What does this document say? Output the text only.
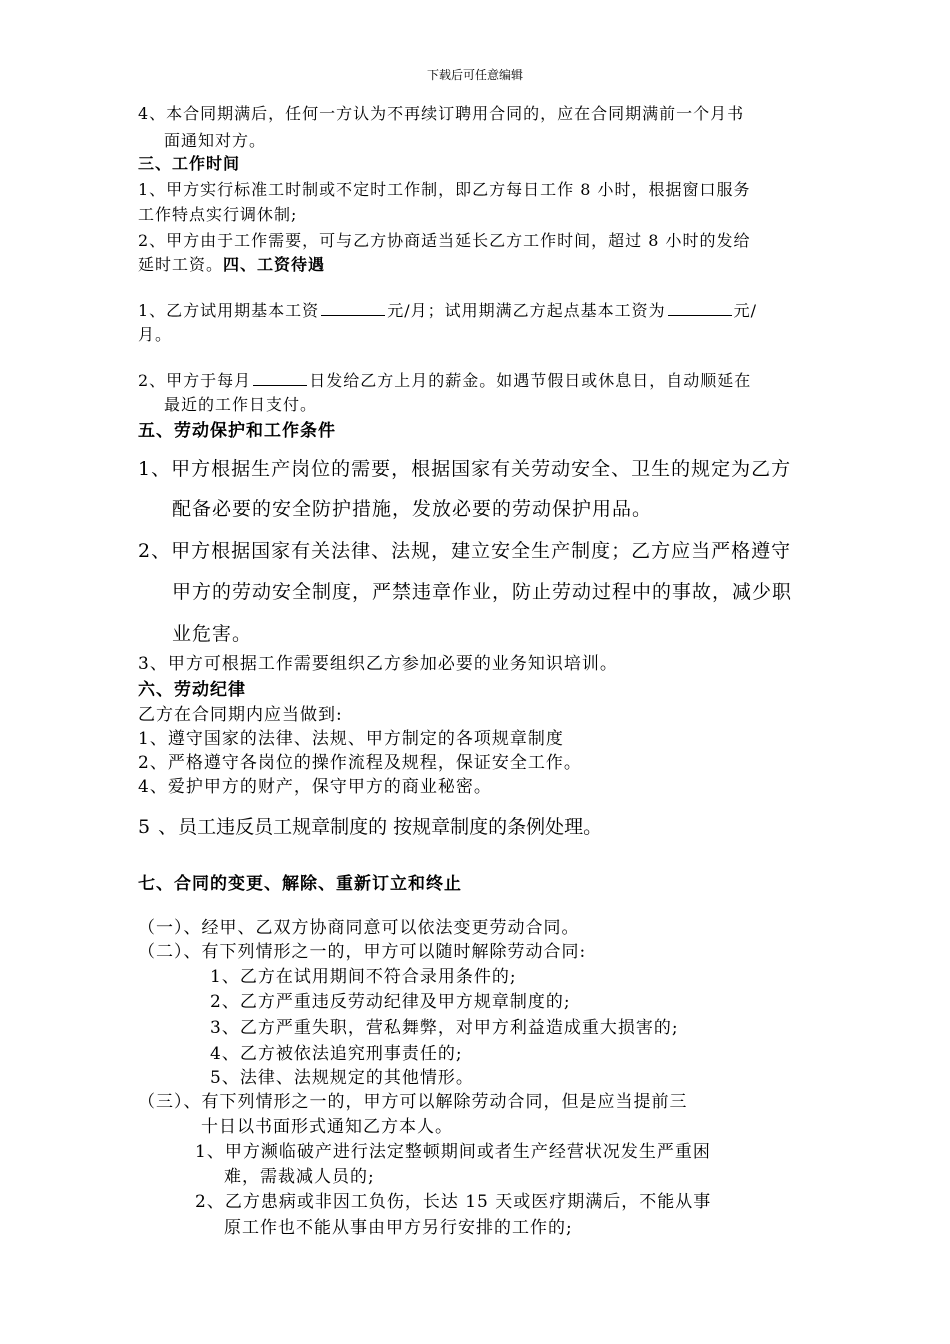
下载后可任意编辑
4、本合同期满后，任何一方认为不再续订聘用合同的，应在合同期满前一个月书
面通知对方。
三、工作时间
1、甲方实行标准工时制或不定时工作制，即乙方每日工作 8 小时，根据窗口服务
工作特点实行调休制;
2、甲方由于工作需要，可与乙方协商适当延长乙方工作时间，超过 8 小时的发给
延时工资。四、工资待遇
1、乙方试用期基本工资	元/月；试用期满乙方起点基本工资为	元/
月。
2、甲方于每月	日发给乙方上月的薪金。如遇节假日或休息日，自动顺延在
最近的工作日支付。
五、劳动保护和工作条件
1、甲方根据生产岗位的需要，根据国家有关劳动安全、卫生的规定为乙方
配备必要的安全防护措施，发放必要的劳动保护用品。
2、甲方根据国家有关法律、法规，建立安全生产制度；乙方应当严格遵守
甲方的劳动安全制度，严禁违章作业，防止劳动过程中的事故，减少职
业危害。
3、甲方可根据工作需要组织乙方参加必要的业务知识培训。
六、劳动纪律
乙方在合同期内应当做到:
1、遵守国家的法律、法规、甲方制定的各项规章制度
2、严格遵守各岗位的操作流程及规程，保证安全工作。
4、爱护甲方的财产，保守甲方的商业秘密。
5 、员工违反员工规章制度的 按规章制度的条例处理。
七、合同的变更、解除、重新订立和终止
（一）、经甲、乙双方协商同意可以依法变更劳动合同。
（二）、有下列情形之一的，甲方可以随时解除劳动合同:
1、乙方在试用期间不符合录用条件的;
2、乙方严重违反劳动纪律及甲方规章制度的;
3、乙方严重失职，营私舞弊，对甲方利益造成重大损害的;
4、乙方被依法追究刑事责任的;
5、法律、法规规定的其他情形。
（三）、有下列情形之一的，甲方可以解除劳动合同，但是应当提前三
十日以书面形式通知乙方本人。
1、甲方濒临破产进行法定整顿期间或者生产经营状况发生严重困
难，需裁减人员的;
2、乙方患病或非因工负伤，长达 15 天或医疗期满后，不能从事
原工作也不能从事由甲方另行安排的工作的;
